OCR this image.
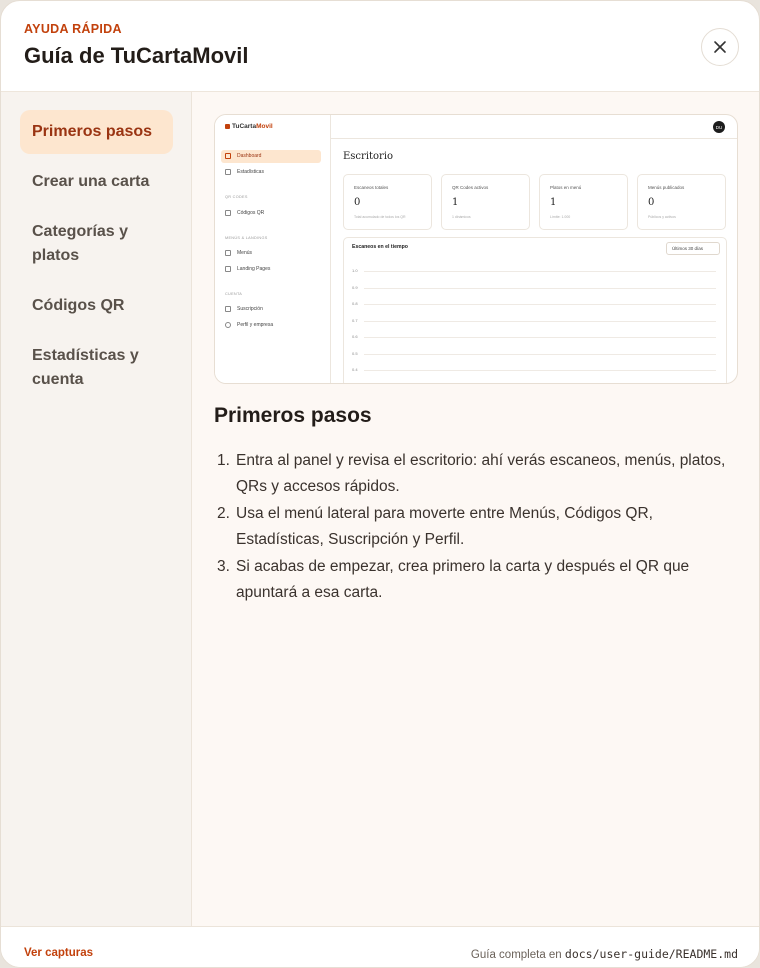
AYUDA RÁPIDA
Guía de TuCartaMovil
Primeros pasos
Crear una carta
Categorías y platos
Códigos QR
Estadísticas y cuenta
TuCartaMovil
Dashboard
Estadísticas
QR CODES
Códigos QR
MENÚS & LANDINGS
Menús
Landing Pages
CUENTA
Suscripción
Perfil y empresa
DU
Escritorio
Escaneos totales
0
Total acumulado de todos los QR
QR Codes activos
1
1 dinámicos
Platos en menú
1
Límite: 1.000
Menús publicados
0
Públicos y activos
Escaneos en el tiempo	Últimos 30 días
1.0
0.9
0.8
0.7
0.6
0.5
0.4
Primeros pasos
1. Entra al panel y revisa el escritorio: ahí verás escaneos, menús, platos, QRs y accesos rápidos.
2. Usa el menú lateral para moverte entre Menús, Códigos QR, Estadísticas, Suscripción y Perfil.
3. Si acabas de empezar, crea primero la carta y después el QR que apuntará a esa carta.
Ver capturas	Guía completa en docs/user-guide/README.md
